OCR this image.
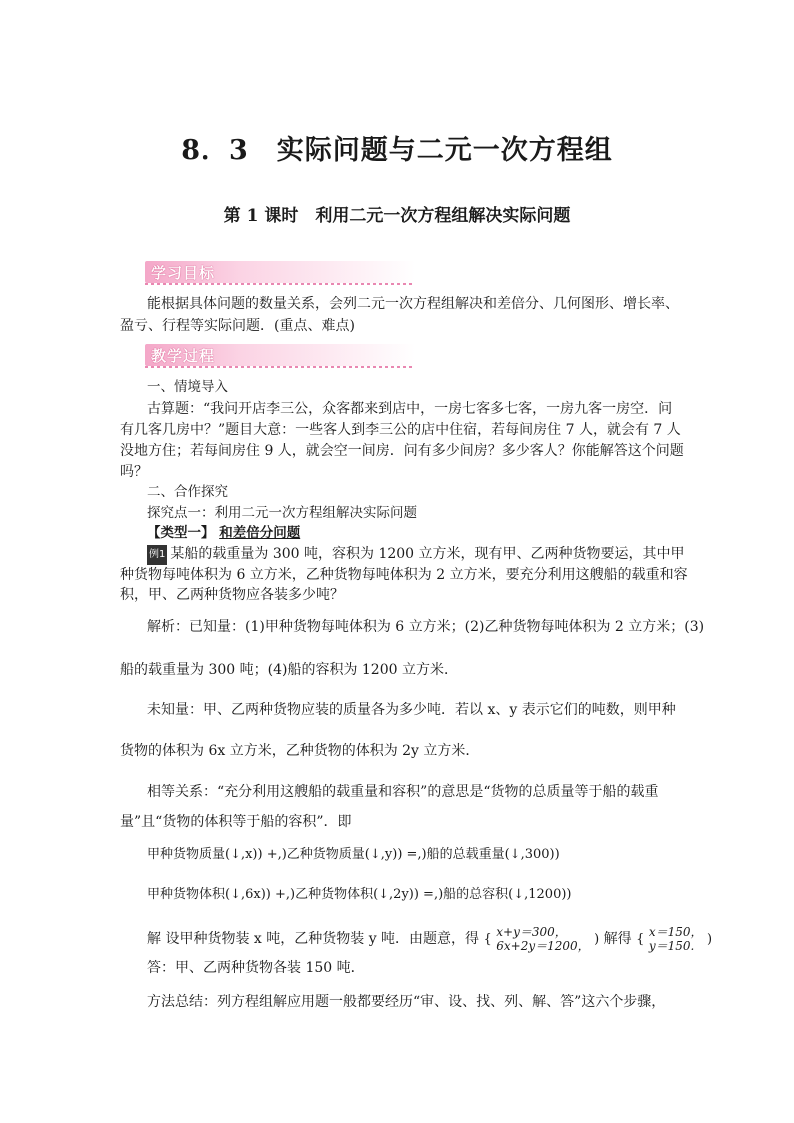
8．3　实际问题与二元一次方程组
第 1 课时　利用二元一次方程组解决实际问题
学习目标
能根据具体问题的数量关系，会列二元一次方程组解决和差倍分、几何图形、增长率、
盈亏、行程等实际问题．(重点、难点)
教学过程
一、情境导入
古算题：“我问开店李三公，众客都来到店中，一房七客多七客，一房九客一房空．问
有几客几房中？”题目大意：一些客人到李三公的店中住宿，若每间房住 7 人，就会有 7 人
没地方住；若每间房住 9 人，就会空一间房．问有多少间房？多少客人？你能解答这个问题
吗？
二、合作探究
探究点一：利用二元一次方程组解决实际问题
【类型一】 和差倍分问题
例1 某船的载重量为 300 吨，容积为 1200 立方米，现有甲、乙两种货物要运，其中甲
种货物每吨体积为 6 立方米，乙种货物每吨体积为 2 立方米，要充分利用这艘船的载重和容
积，甲、乙两种货物应各装多少吨？
解析：已知量：(1)甲种货物每吨体积为 6 立方米；(2)乙种货物每吨体积为 2 立方米；(3)
船的载重量为 300 吨；(4)船的容积为 1200 立方米．
未知量：甲、乙两种货物应装的质量各为多少吨．若以 x、y 表示它们的吨数，则甲种
货物的体积为 6x 立方米，乙种货物的体积为 2y 立方米．
相等关系：“充分利用这艘船的载重量和容积”的意思是“货物的总质量等于船的载重
量”且“货物的体积等于船的容积”．即
甲种货物质量(↓,x)) +,)乙种货物质量(↓,y)) =,)船的总载重量(↓,300))
甲种货物体积(↓,6x)) +,)乙种货物体积(↓,2y)) =,)船的总容积(↓,1200))
解 设甲种货物装 x 吨，乙种货物装 y 吨．由题意，得 { x+y＝300，
6x+2y＝1200， ) 解得 { x＝150，
y＝150. )
答：甲、乙两种货物各装 150 吨．
方法总结：列方程组解应用题一般都要经历“审、设、找、列、解、答”这六个步骤，
